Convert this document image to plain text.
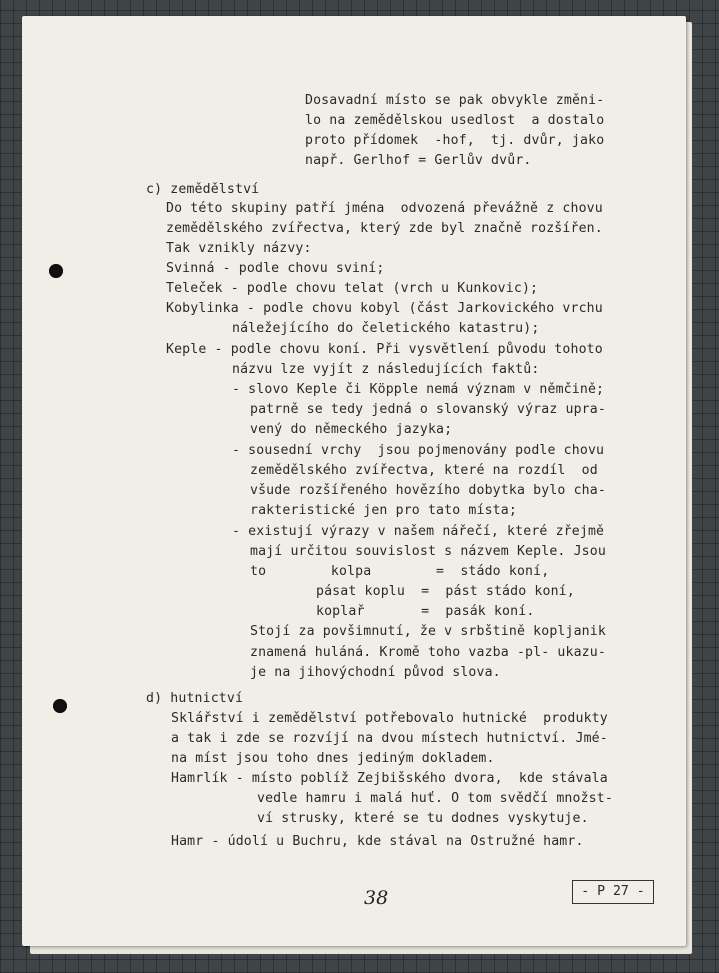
Dosavadní místo se pak obvykle změni-
lo na zemědělskou usedlost  a dostalo
proto přídomek  -hof,  tj. dvůr, jako
např. Gerlhof = Gerlův dvůr.
c) zemědělství
Do této skupiny patří jména  odvozená převážně z chovu
zemědělského zvířectva, který zde byl značně rozšířen.
Tak vznikly názvy:
Svinná - podle chovu sviní;
Teleček - podle chovu telat (vrch u Kunkovic);
Kobylinka - podle chovu kobyl (část Jarkovického vrchu
náležejícího do čeletického katastru);
Keple - podle chovu koní. Při vysvětlení původu tohoto
názvu lze vyjít z následujících faktů:
- slovo Keple či Köpple nemá význam v němčině;
patrně se tedy jedná o slovanský výraz upra-
vený do německého jazyka;
- sousední vrchy  jsou pojmenovány podle chovu
zemědělského zvířectva, které na rozdíl  od
všude rozšířeného hovězího dobytka bylo cha-
rakteristické jen pro tato místa;
- existují výrazy v našem nářečí, které zřejmě
mají určitou souvislost s názvem Keple. Jsou
to        kolpa        =  stádo koní,
pásat koplu  =  pást stádo koní,
koplař       =  pasák koní.
Stojí za povšimnutí, že v srbštině kopljanik
znamená huláná. Kromě toho vazba -pl- ukazu-
je na jihovýchodní původ slova.
d) hutnictví
Sklářství i zemědělství potřebovalo hutnické  produkty
a tak i zde se rozvíjí na dvou místech hutnictví. Jmé-
na míst jsou toho dnes jediným dokladem.
Hamrlík - místo poblíž Zejbišského dvora,  kde stávala
vedle hamru i malá huť. O tom svědčí množst-
ví strusky, které se tu dodnes vyskytuje.
Hamr - údolí u Buchru, kde stával na Ostružné hamr.
38	- P 27 -
